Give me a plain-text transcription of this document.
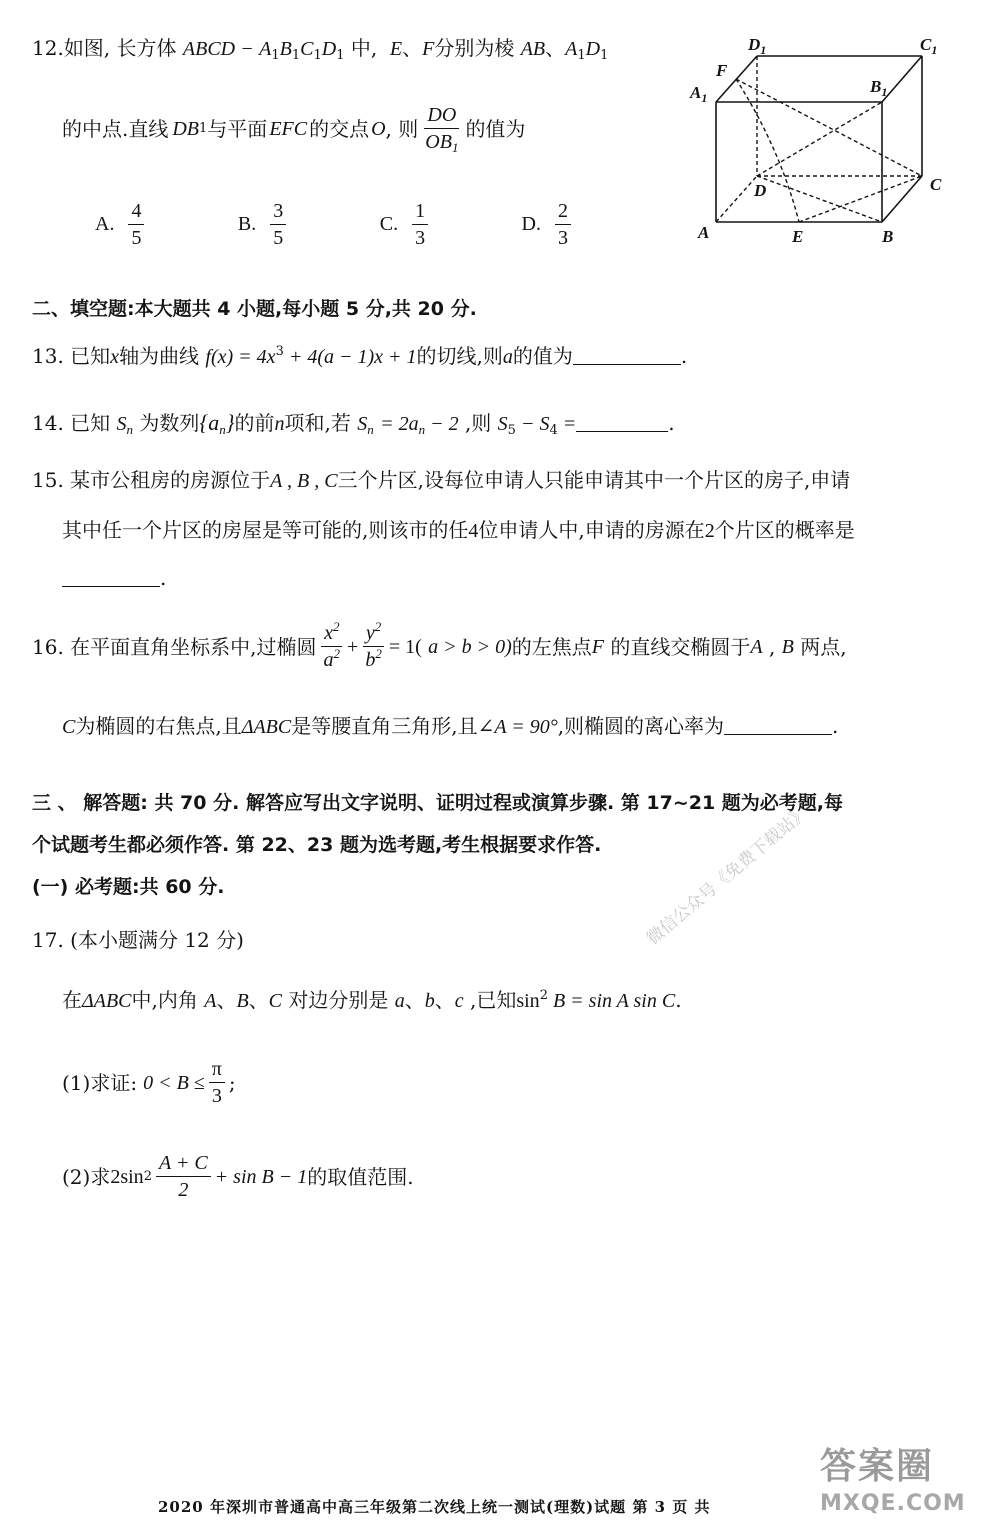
12.如图, 长方体 ABCD − $A_1B_1C_1D_1$ 中, E、F分别为棱 AB、$A_1D_1$
的中点.直线 DB 1 与平面 EFC 的交点 O , 则 $\frac{DO}{OB_1}$ 的值为
A. $\frac{4}{5}$	B. $\frac{3}{5}$	C. $\frac{1}{3}$	D. $\frac{2}{3}$
$D_1$	$C_1$
F
$A_1$
$B_1$
D	C
A	E	B
二、填空题:本大题共 4 小题,每小题 5 分,共 20 分.
13. 已知x轴为曲线 $f(x) = 4x^3 + 4(a - 1)x + 1$的切线,则a的值为	.
14. 已知 $S_n$ 为数列$\{a_n\}$的前n项和,若 $S_n = 2a_n - 2$ ,则 $S_5 - S_4$ =	.
15. 某市公租房的房源位于A , B , C三个片区,设每位申请人只能申请其中一个片区的房子,申请
其中任一个片区的房屋是等可能的,则该市的任4位申请人中,申请的房源在2个片区的概率是
.
16.
在平面直角坐标系中,过椭圆 $\frac{x^2}{a^2} + \frac{y^2}{b^2} = 1$(
a > b > 0) 的左焦点 F
的直线交椭圆于 A
,
B
两点,
C为椭圆的右焦点,且ΔABC是等腰直角三角形,且∠A = 90°,则椭圆的离心率为	.
三 、 解答题: 共 70 分. 解答应写出文字说明、证明过程或演算步骤. 第 17~21 题为必考题,每
个试题考生都必须作答. 第 22、23 题为选考题,考生根据要求作答.
(一) 必考题:共 60 分.
17. (本小题满分 12 分)
在ΔABC中,内角 A、B、C 对边分别是 a、b、c ,已知$\sin^2 B = \sin A$ sin C.
(1)求证: $0 < B \le \frac{\pi}{3}$ ;
(2)求 2sin $2 \frac{A + C}{2} + \sin B - 1$ 的取值范围.
微信公众号《免费下载站》
2020 年深圳市普通高中高三年级第二次线上统一测试(理数)试题 第 3 页 共
答案圈
MXQE.COM
